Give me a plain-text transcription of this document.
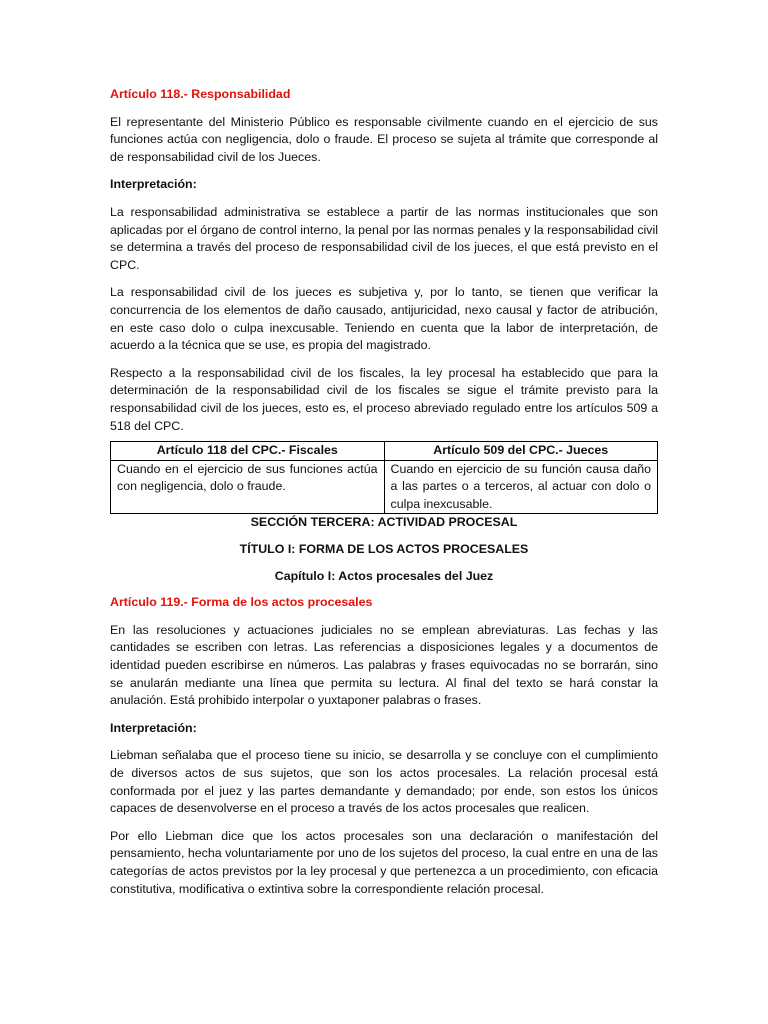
Artículo 118.- Responsabilidad

El representante del Ministerio Público es responsable civilmente cuando en el ejercicio de sus funciones actúa con negligencia, dolo o fraude. El proceso se sujeta al trámite que corresponde al de responsabilidad civil de los Jueces.

Interpretación:

La responsabilidad administrativa se establece a partir de las normas institucionales que son aplicadas por el órgano de control interno, la penal por las normas penales y la responsabilidad civil se determina a través del proceso de responsabilidad civil de los jueces, el que está previsto en el CPC.

La responsabilidad civil de los jueces es subjetiva y, por lo tanto, se tienen que verificar la concurrencia de los elementos de daño causado, antijuricidad, nexo causal y factor de atribución, en este caso dolo o culpa inexcusable. Teniendo en cuenta que la labor de interpretación, de acuerdo a la técnica que se use, es propia del magistrado.

Respecto a la responsabilidad civil de los fiscales, la ley procesal ha establecido que para la determinación de la responsabilidad civil de los fiscales se sigue el trámite previsto para la responsabilidad civil de los jueces, esto es, el proceso abreviado regulado entre los artículos 509 a 518 del CPC.

Artículo 118 del CPC.- Fiscales	Artículo 509 del CPC.- Jueces
Cuando en el ejercicio de sus funciones actúa con negligencia, dolo o fraude.	Cuando en ejercicio de su función causa daño a las partes o a terceros, al actuar con dolo o culpa inexcusable.

SECCIÓN TERCERA: ACTIVIDAD PROCESAL

TÍTULO I: FORMA DE LOS ACTOS PROCESALES

Capítulo I: Actos procesales del Juez

Artículo 119.- Forma de los actos procesales

En las resoluciones y actuaciones judiciales no se emplean abreviaturas. Las fechas y las cantidades se escriben con letras. Las referencias a disposiciones legales y a documentos de identidad pueden escribirse en números. Las palabras y frases equivocadas no se borrarán, sino se anularán mediante una línea que permita su lectura. Al final del texto se hará constar la anulación. Está prohibido interpolar o yuxtaponer palabras o frases.

Interpretación:

Liebman señalaba que el proceso tiene su inicio, se desarrolla y se concluye con el cumplimiento de diversos actos de sus sujetos, que son los actos procesales. La relación procesal está conformada por el juez y las partes demandante y demandado; por ende, son estos los únicos capaces de desenvolverse en el proceso a través de los actos procesales que realicen.

Por ello Liebman dice que los actos procesales son una declaración o manifestación del pensamiento, hecha voluntariamente por uno de los sujetos del proceso, la cual entre en una de las categorías de actos previstos por la ley procesal y que pertenezca a un procedimiento, con eficacia constitutiva, modificativa o extintiva sobre la correspondiente relación procesal.
